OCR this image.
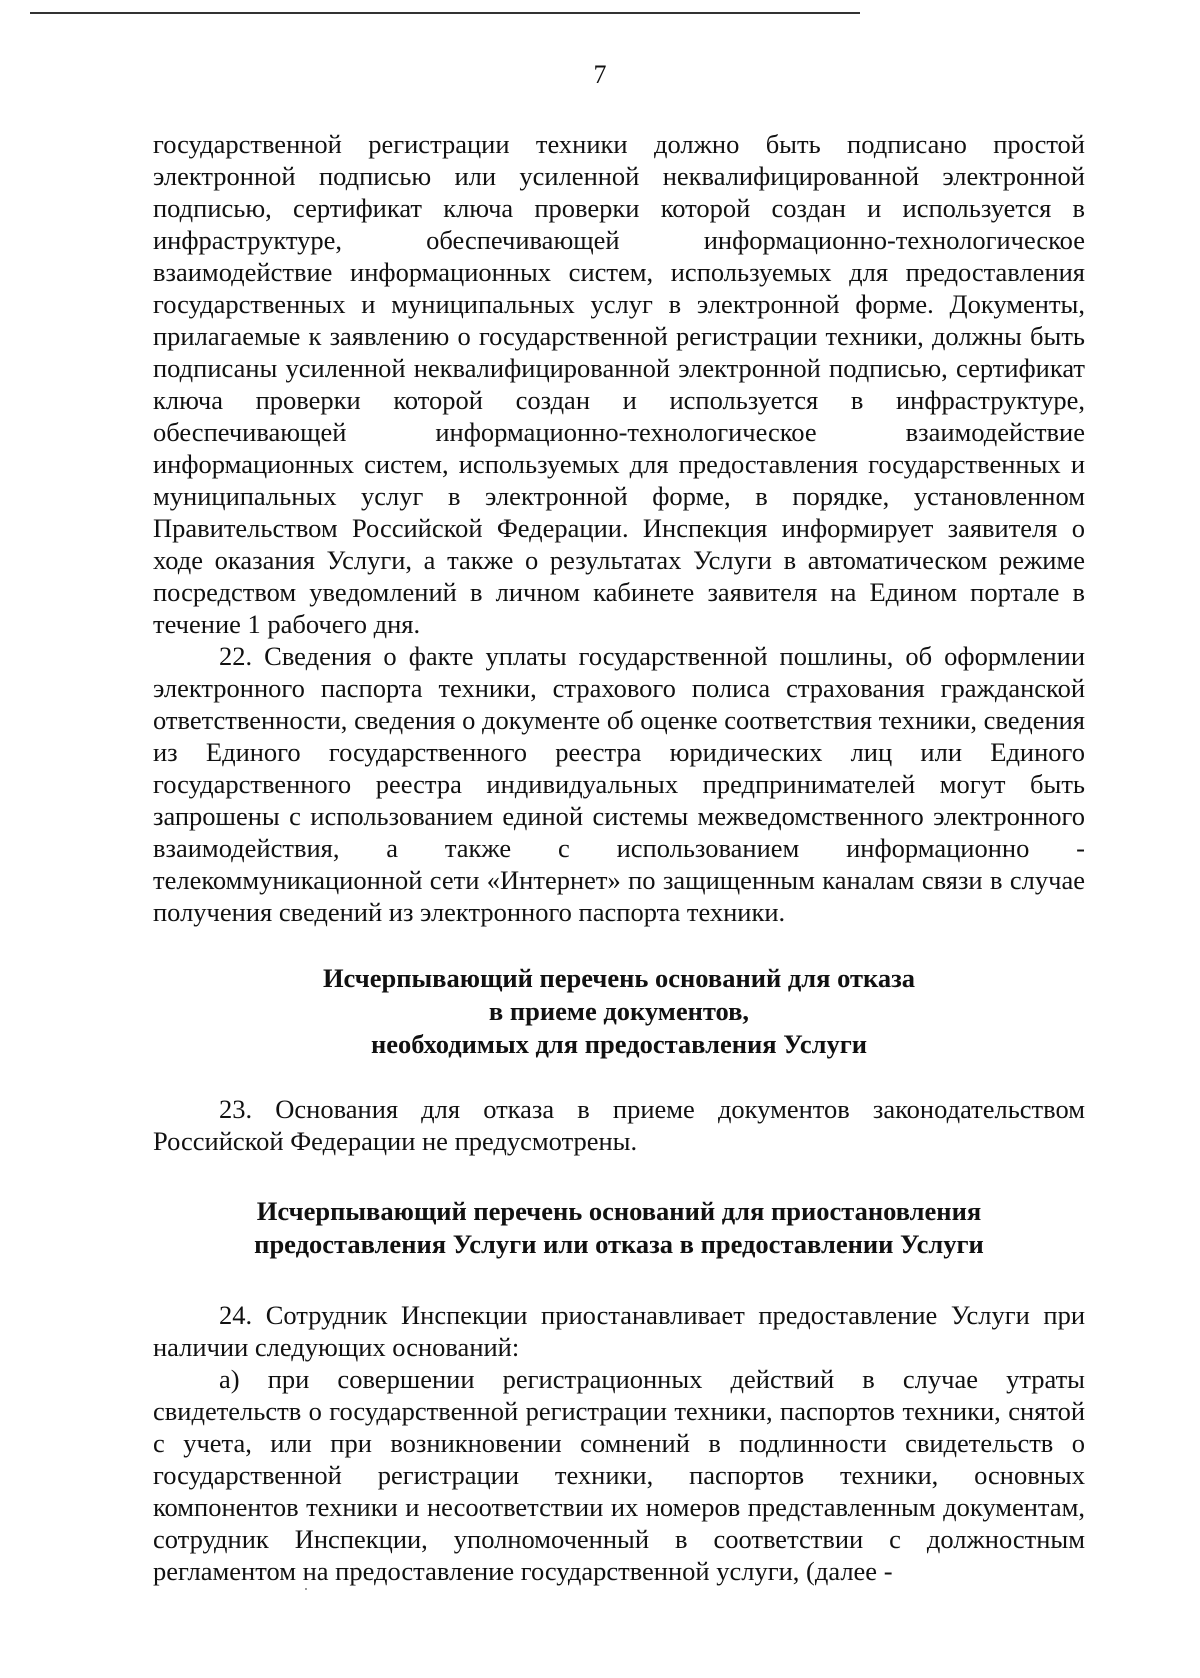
7

государственной регистрации техники должно быть подписано простой электронной подписью или усиленной неквалифицированной электронной подписью, сертификат ключа проверки которой создан и используется в инфраструктуре, обеспечивающей информационно-технологическое взаимодействие информационных систем, используемых для предоставления государственных и муниципальных услуг в электронной форме. Документы, прилагаемые к заявлению о государственной регистрации техники, должны быть подписаны усиленной неквалифицированной электронной подписью, сертификат ключа проверки которой создан и используется в инфраструктуре, обеспечивающей информационно-технологическое взаимодействие информационных систем, используемых для предоставления государственных и муниципальных услуг в электронной форме, в порядке, установленном Правительством Российской Федерации. Инспекция информирует заявителя о ходе оказания Услуги, а также о результатах Услуги в автоматическом режиме посредством уведомлений в личном кабинете заявителя на Едином портале в течение 1 рабочего дня.

22. Сведения о факте уплаты государственной пошлины, об оформлении электронного паспорта техники, страхового полиса страхования гражданской ответственности, сведения о документе об оценке соответствия техники, сведения из Единого государственного реестра юридических лиц или Единого государственного реестра индивидуальных предпринимателей могут быть запрошены с использованием единой системы межведомственного электронного взаимодействия, а также с использованием информационно - телекоммуникационной сети «Интернет» по защищенным каналам связи в случае получения сведений из электронного паспорта техники.

Исчерпывающий перечень оснований для отказа
в приеме документов,
необходимых для предоставления Услуги

23. Основания для отказа в приеме документов законодательством Российской Федерации не предусмотрены.

Исчерпывающий перечень оснований для приостановления
предоставления Услуги или отказа в предоставлении Услуги

24. Сотрудник Инспекции приостанавливает предоставление Услуги при наличии следующих оснований:

а) при совершении регистрационных действий в случае утраты свидетельств о государственной регистрации техники, паспортов техники, снятой с учета, или при возникновении сомнений в подлинности свидетельств о государственной регистрации техники, паспортов техники, основных компонентов техники и несоответствии их номеров представленным документам, сотрудник Инспекции, уполномоченный в соответствии с должностным регламентом на предоставление государственной услуги, (далее -
